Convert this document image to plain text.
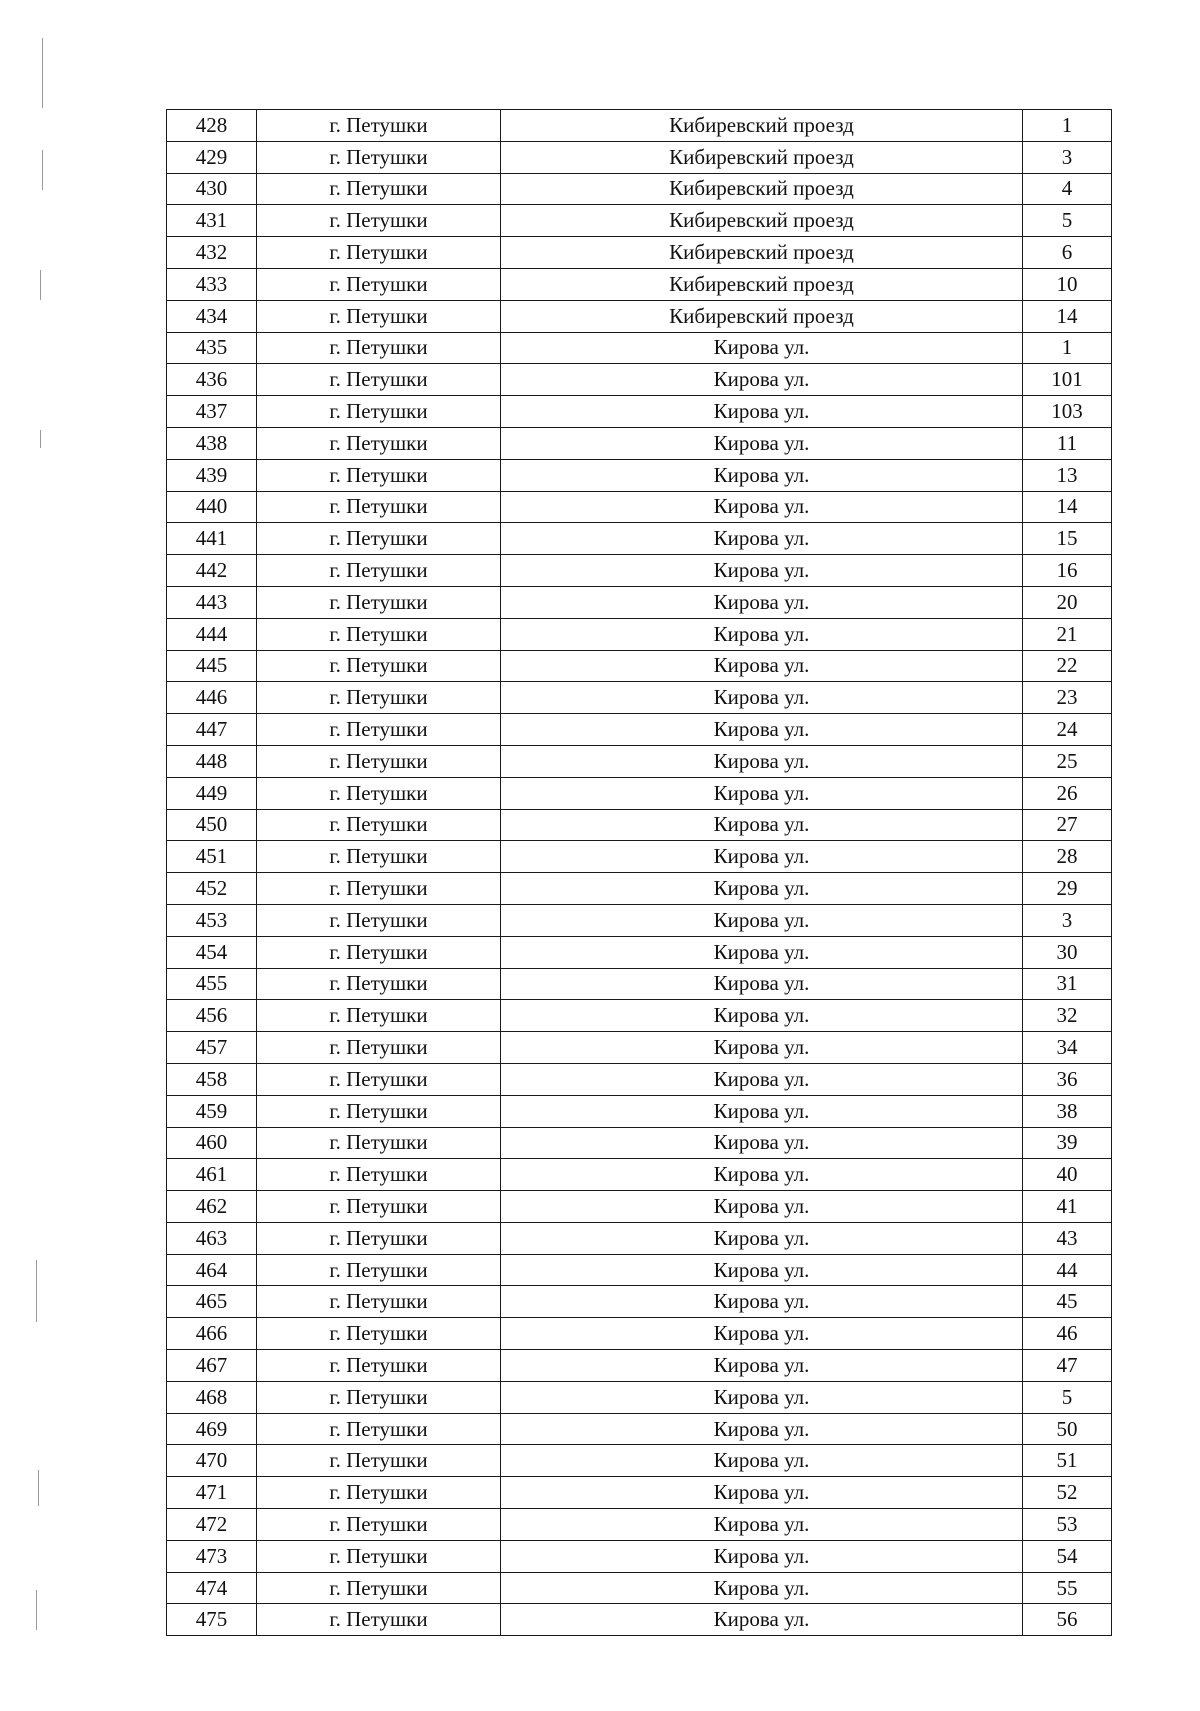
428	г. Петушки	Кибиревский проезд	1
429	г. Петушки	Кибиревский проезд	3
430	г. Петушки	Кибиревский проезд	4
431	г. Петушки	Кибиревский проезд	5
432	г. Петушки	Кибиревский проезд	6
433	г. Петушки	Кибиревский проезд	10
434	г. Петушки	Кибиревский проезд	14
435	г. Петушки	Кирова ул.	1
436	г. Петушки	Кирова ул.	101
437	г. Петушки	Кирова ул.	103
438	г. Петушки	Кирова ул.	11
439	г. Петушки	Кирова ул.	13
440	г. Петушки	Кирова ул.	14
441	г. Петушки	Кирова ул.	15
442	г. Петушки	Кирова ул.	16
443	г. Петушки	Кирова ул.	20
444	г. Петушки	Кирова ул.	21
445	г. Петушки	Кирова ул.	22
446	г. Петушки	Кирова ул.	23
447	г. Петушки	Кирова ул.	24
448	г. Петушки	Кирова ул.	25
449	г. Петушки	Кирова ул.	26
450	г. Петушки	Кирова ул.	27
451	г. Петушки	Кирова ул.	28
452	г. Петушки	Кирова ул.	29
453	г. Петушки	Кирова ул.	3
454	г. Петушки	Кирова ул.	30
455	г. Петушки	Кирова ул.	31
456	г. Петушки	Кирова ул.	32
457	г. Петушки	Кирова ул.	34
458	г. Петушки	Кирова ул.	36
459	г. Петушки	Кирова ул.	38
460	г. Петушки	Кирова ул.	39
461	г. Петушки	Кирова ул.	40
462	г. Петушки	Кирова ул.	41
463	г. Петушки	Кирова ул.	43
464	г. Петушки	Кирова ул.	44
465	г. Петушки	Кирова ул.	45
466	г. Петушки	Кирова ул.	46
467	г. Петушки	Кирова ул.	47
468	г. Петушки	Кирова ул.	5
469	г. Петушки	Кирова ул.	50
470	г. Петушки	Кирова ул.	51
471	г. Петушки	Кирова ул.	52
472	г. Петушки	Кирова ул.	53
473	г. Петушки	Кирова ул.	54
474	г. Петушки	Кирова ул.	55
475	г. Петушки	Кирова ул.	56
